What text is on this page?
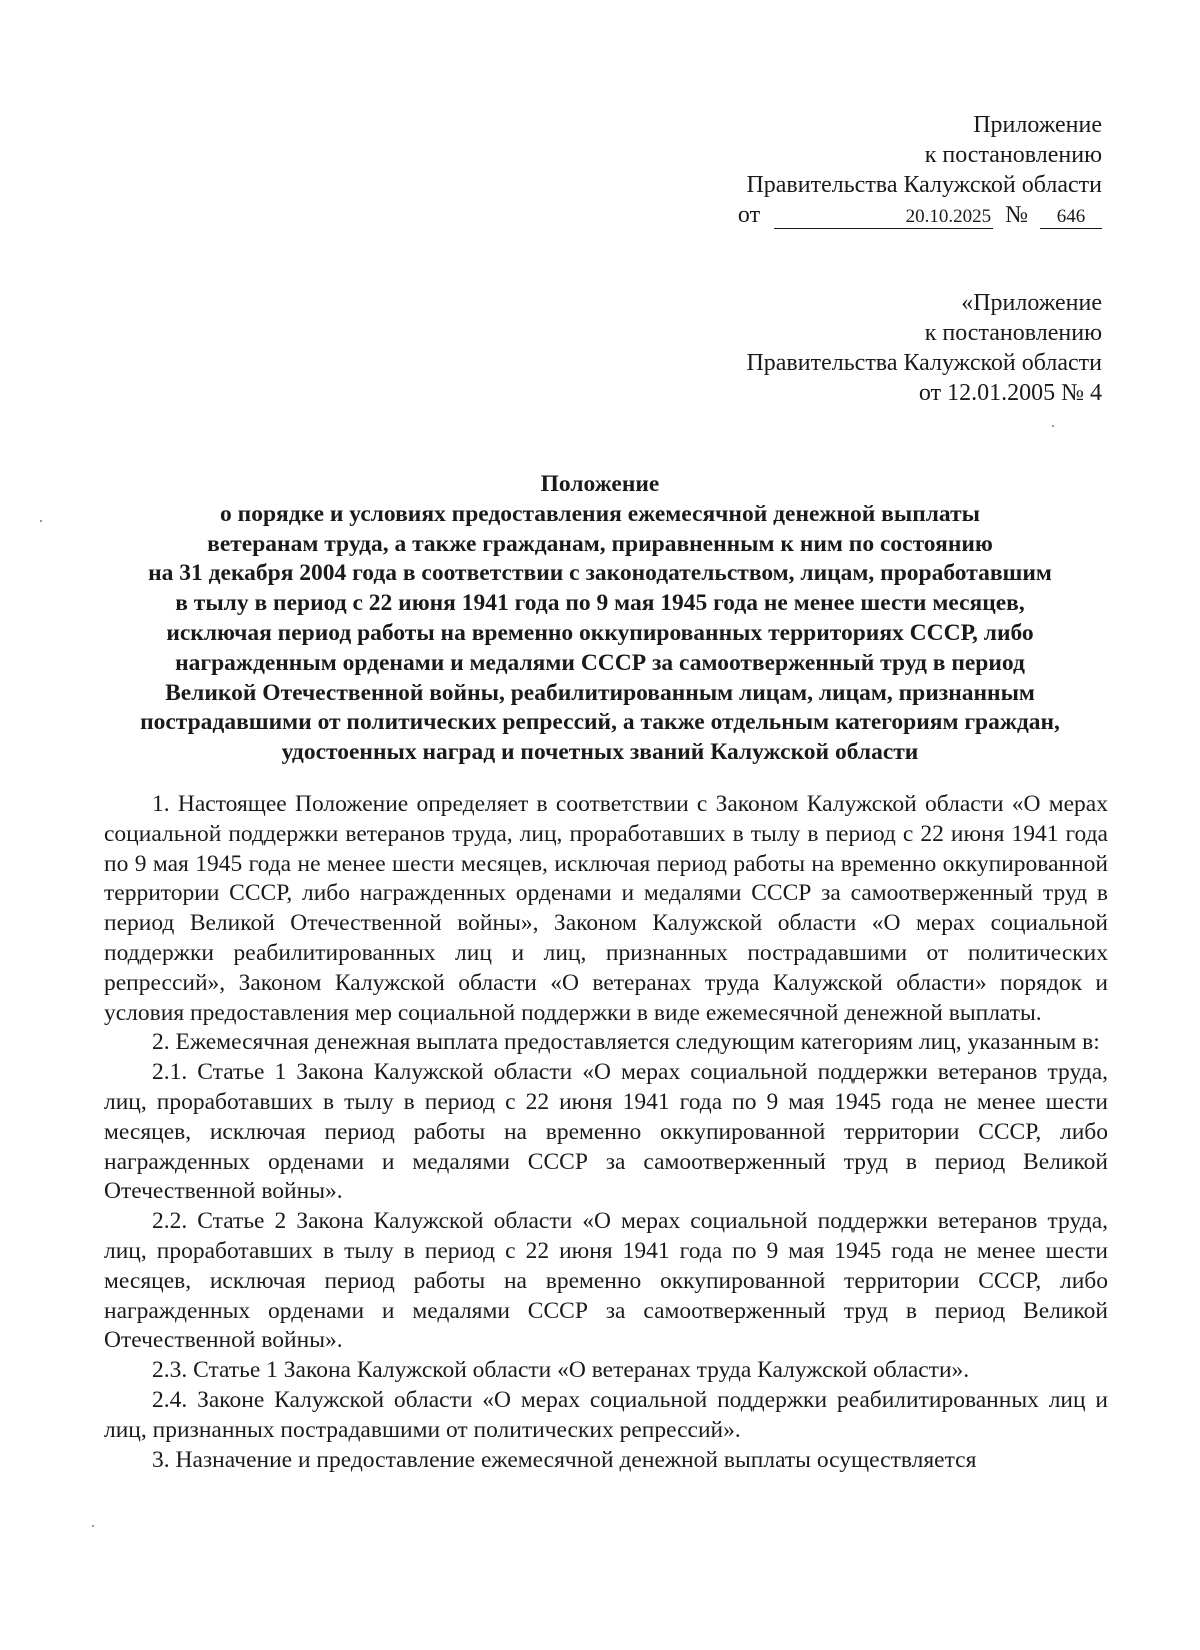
Приложение
к постановлению
Правительства Калужской области
от	20.10.2025 № 646
«Приложение
к постановлению
Правительства Калужской области
от 12.01.2005 № 4
Положение
о порядке и условиях предоставления ежемесячной денежной выплаты
ветеранам труда, а также гражданам, приравненным к ним по состоянию
на 31 декабря 2004 года в соответствии с законодательством, лицам, проработавшим
в тылу в период с 22 июня 1941 года по 9 мая 1945 года не менее шести месяцев,
исключая период работы на временно оккупированных территориях СССР, либо
награжденным орденами и медалями СССР за самоотверженный труд в период
Великой Отечественной войны, реабилитированным лицам, лицам, признанным
пострадавшими от политических репрессий, а также отдельным категориям граждан,
удостоенных наград и почетных званий Калужской области

1. Настоящее Положение определяет в соответствии с Законом Калужской области «О мерах социальной поддержки ветеранов труда, лиц, проработавших в тылу в период с 22 июня 1941 года по 9 мая 1945 года не менее шести месяцев, исключая период работы на временно оккупированной территории СССР, либо награжденных орденами и медалями СССР за самоотверженный труд в период Великой Отечественной войны», Законом Калужской области «О мерах социальной поддержки реабилитированных лиц и лиц, признанных пострадавшими от политических репрессий», Законом Калужской области «О ветеранах труда Калужской области» порядок и условия предоставления мер социальной поддержки в виде ежемесячной денежной выплаты.

2. Ежемесячная денежная выплата предоставляется следующим категориям лиц, указанным в:

2.1. Статье 1 Закона Калужской области «О мерах социальной поддержки ветеранов труда, лиц, проработавших в тылу в период с 22 июня 1941 года по 9 мая 1945 года не менее шести месяцев, исключая период работы на временно оккупированной территории СССР, либо награжденных орденами и медалями СССР за самоотверженный труд в период Великой Отечественной войны».

2.2. Статье 2 Закона Калужской области «О мерах социальной поддержки ветеранов труда, лиц, проработавших в тылу в период с 22 июня 1941 года по 9 мая 1945 года не менее шести месяцев, исключая период работы на временно оккупированной территории СССР, либо награжденных орденами и медалями СССР за самоотверженный труд в период Великой Отечественной войны».

2.3. Статье 1 Закона Калужской области «О ветеранах труда Калужской области».

2.4. Законе Калужской области «О мерах социальной поддержки реабилитированных лиц и лиц, признанных пострадавшими от политических репрессий».

3. Назначение и предоставление ежемесячной денежной выплаты осуществляется
